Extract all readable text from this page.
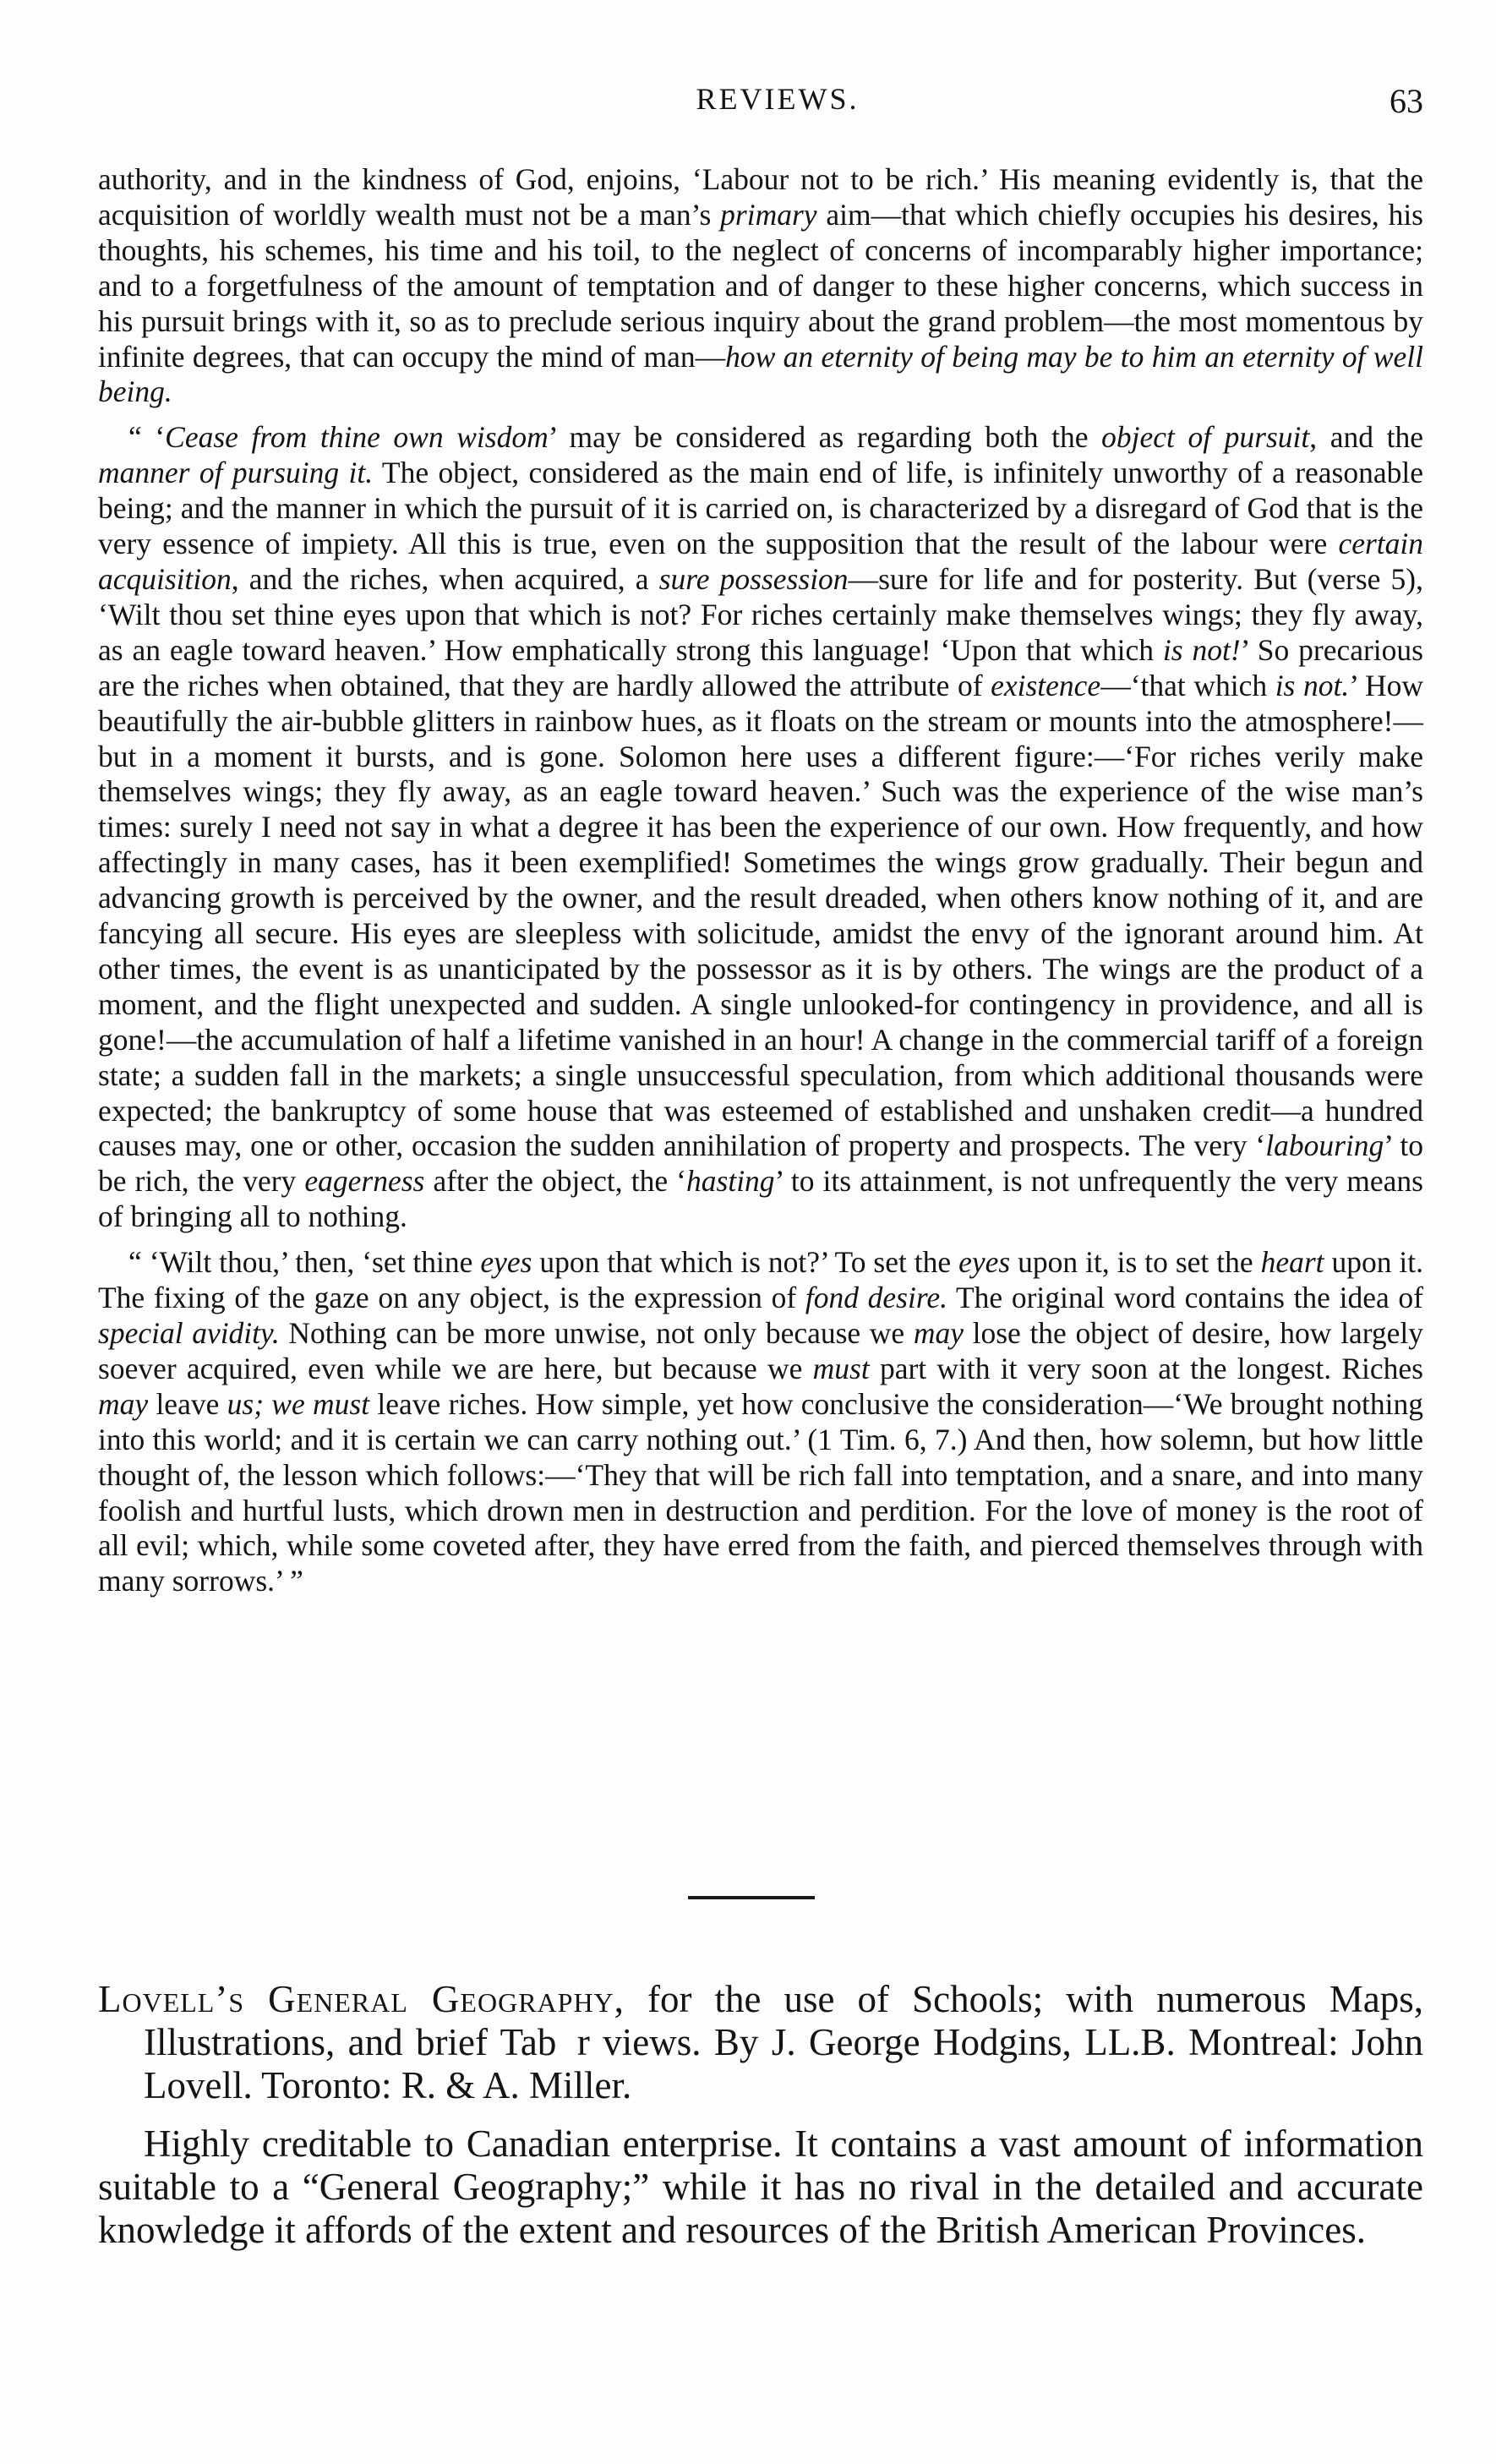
REVIEWS.	63

authority, and in the kindness of God, enjoins, ‘Labour not to be rich.’ His meaning evidently is, that the acquisition of worldly wealth must not be a man’s primary aim—that which chiefly occupies his desires, his thoughts, his schemes, his time and his toil, to the neglect of concerns of incomparably higher importance; and to a forgetfulness of the amount of temptation and of danger to these higher concerns, which success in his pursuit brings with it, so as to preclude serious inquiry about the grand problem—the most momentous by infinite degrees, that can occupy the mind of man—how an eternity of being may be to him an eternity of well being.

“ ‘Cease from thine own wisdom’ may be considered as regarding both the object of pursuit, and the manner of pursuing it. The object, considered as the main end of life, is infinitely unworthy of a reasonable being; and the manner in which the pursuit of it is carried on, is characterized by a disregard of God that is the very essence of impiety. All this is true, even on the supposition that the result of the labour were certain acquisition, and the riches, when acquired, a sure possession—sure for life and for posterity. But (verse 5), ‘Wilt thou set thine eyes upon that which is not? For riches certainly make themselves wings; they fly away, as an eagle toward heaven.’ How emphatically strong this language! ‘Upon that which is not!’ So precarious are the riches when obtained, that they are hardly allowed the attribute of existence—‘that which is not.’ How beautifully the air-bubble glitters in rainbow hues, as it floats on the stream or mounts into the atmosphere!—but in a moment it bursts, and is gone. Solomon here uses a different figure:—‘For riches verily make themselves wings; they fly away, as an eagle toward heaven.’ Such was the experience of the wise man’s times: surely I need not say in what a degree it has been the experience of our own. How frequently, and how affectingly in many cases, has it been exemplified! Sometimes the wings grow gradually. Their begun and advancing growth is perceived by the owner, and the result dreaded, when others know nothing of it, and are fancying all secure. His eyes are sleepless with solicitude, amidst the envy of the ignorant around him. At other times, the event is as unanticipated by the possessor as it is by others. The wings are the product of a moment, and the flight unexpected and sudden. A single unlooked-for contingency in providence, and all is gone!—the accumulation of half a lifetime vanished in an hour! A change in the commercial tariff of a foreign state; a sudden fall in the markets; a single unsuccessful speculation, from which additional thousands were expected; the bankruptcy of some house that was esteemed of established and unshaken credit—a hundred causes may, one or other, occasion the sudden annihilation of property and prospects. The very ‘labouring’ to be rich, the very eagerness after the object, the ‘hasting’ to its attainment, is not unfrequently the very means of bringing all to nothing.

“ ‘Wilt thou,’ then, ‘set thine eyes upon that which is not?’ To set the eyes upon it, is to set the heart upon it. The fixing of the gaze on any object, is the expression of fond desire. The original word contains the idea of special avidity. Nothing can be more unwise, not only because we may lose the object of desire, how largely soever acquired, even while we are here, but because we must part with it very soon at the longest. Riches may leave us; we must leave riches. How simple, yet how conclusive the consideration—‘We brought nothing into this world; and it is certain we can carry nothing out.’ (1 Tim. 6, 7.) And then, how solemn, but how little thought of, the lesson which follows:—‘They that will be rich fall into temptation, and a snare, and into many foolish and hurtful lusts, which drown men in destruction and perdition. For the love of money is the root of all evil; which, while some coveted after, they have erred from the faith, and pierced themselves through with many sorrows.’ ”

Lovell’s General Geography, for the use of Schools; with numerous Maps, Illustrations, and brief Tab  r views. By J. George Hodgins, LL.B. Montreal: John Lovell. Toronto: R. & A. Miller.

Highly creditable to Canadian enterprise. It contains a vast amount of information suitable to a “General Geography;” while it has no rival in the detailed and accurate knowledge it affords of the extent and resources of the British American Provinces.
